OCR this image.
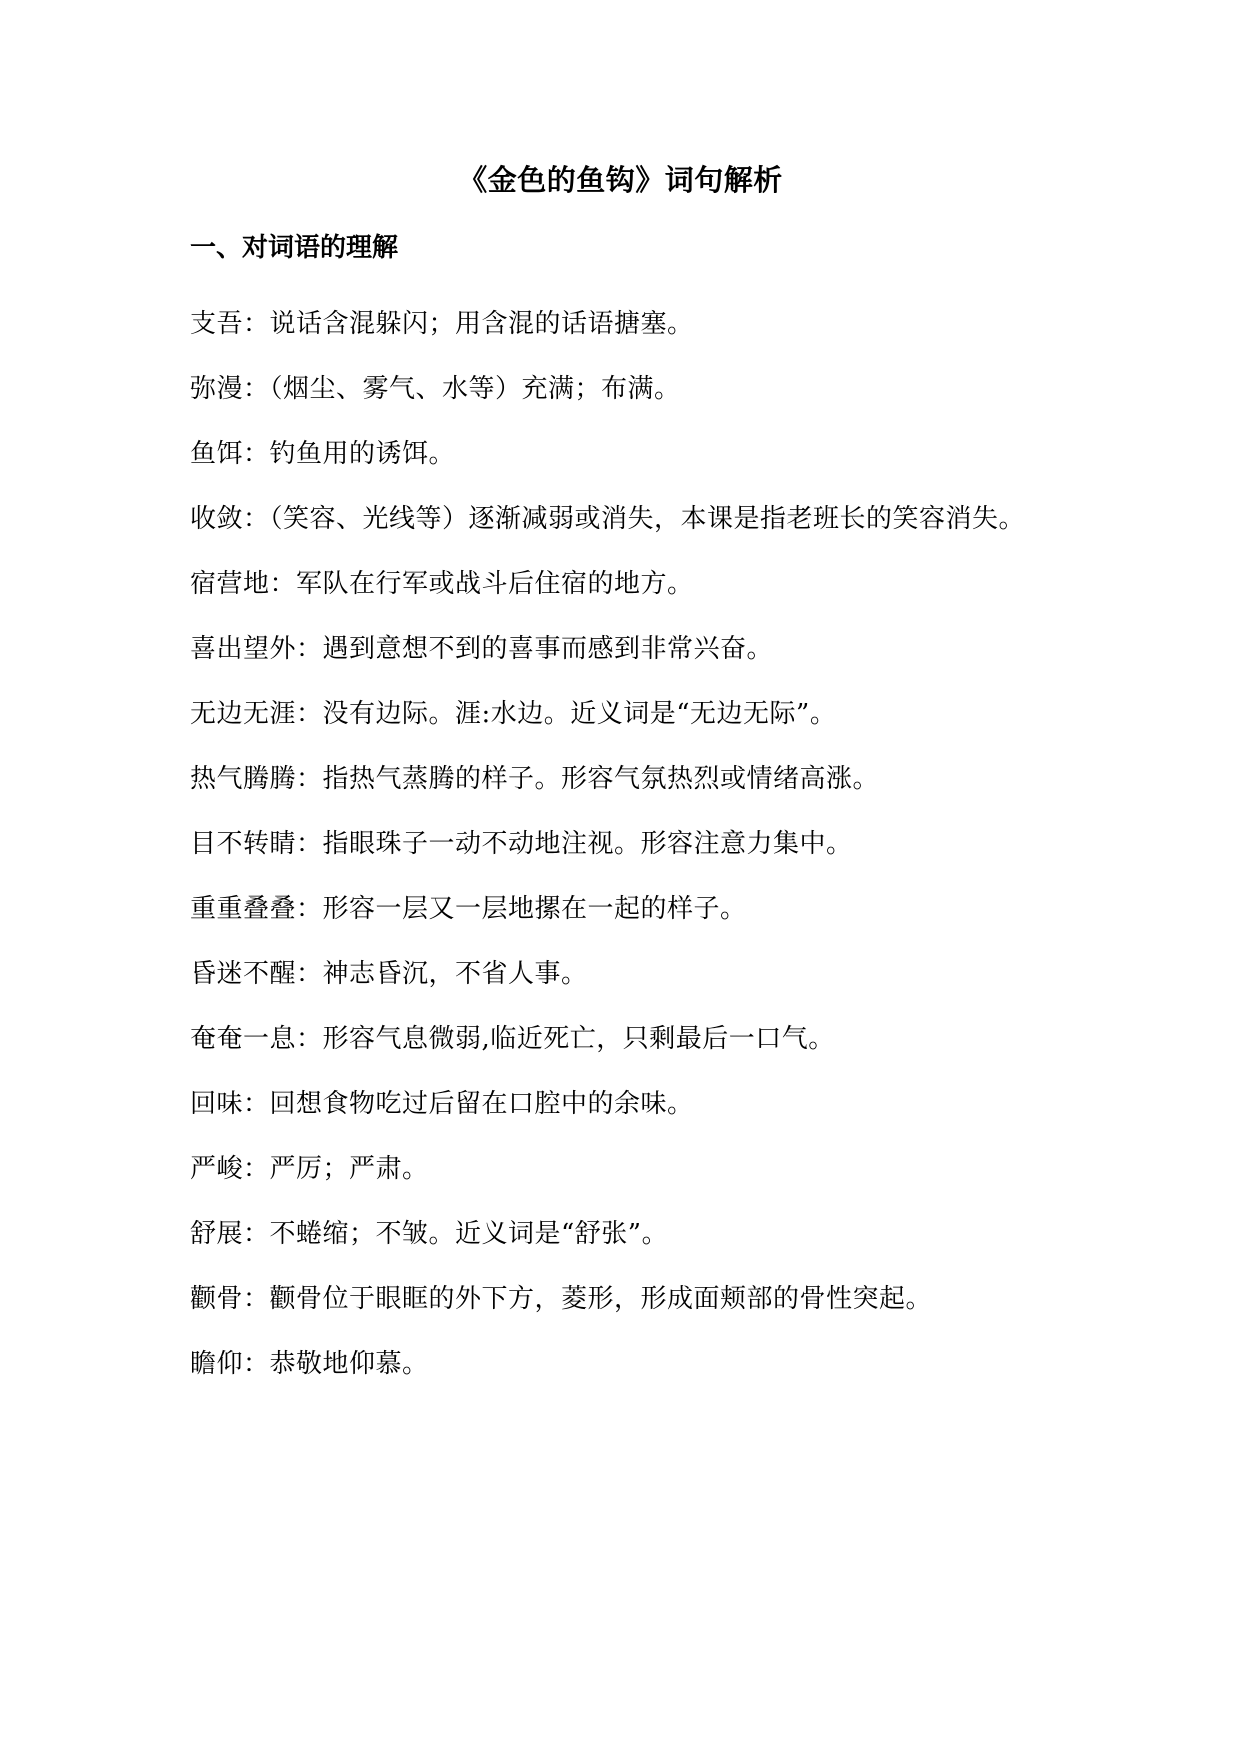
《金色的鱼钩》词句解析
一、对词语的理解
支吾：说话含混躲闪；用含混的话语搪塞。
弥漫：（烟尘、雾气、水等）充满；布满。
鱼饵：钓鱼用的诱饵。
收敛：（笑容、光线等）逐渐减弱或消失，本课是指老班长的笑容消失。
宿营地：军队在行军或战斗后住宿的地方。
喜出望外：遇到意想不到的喜事而感到非常兴奋。
无边无涯：没有边际。涯:水边。近义词是“无边无际”。
热气腾腾：指热气蒸腾的样子。形容气氛热烈或情绪高涨。
目不转睛：指眼珠子一动不动地注视。形容注意力集中。
重重叠叠：形容一层又一层地摞在一起的样子。
昏迷不醒：神志昏沉，不省人事。
奄奄一息：形容气息微弱,临近死亡，只剩最后一口气。
回味：回想食物吃过后留在口腔中的余味。
严峻：严厉；严肃。
舒展：不蜷缩；不皱。近义词是“舒张”。
颧骨：颧骨位于眼眶的外下方，菱形，形成面颊部的骨性突起。
瞻仰：恭敬地仰慕。
